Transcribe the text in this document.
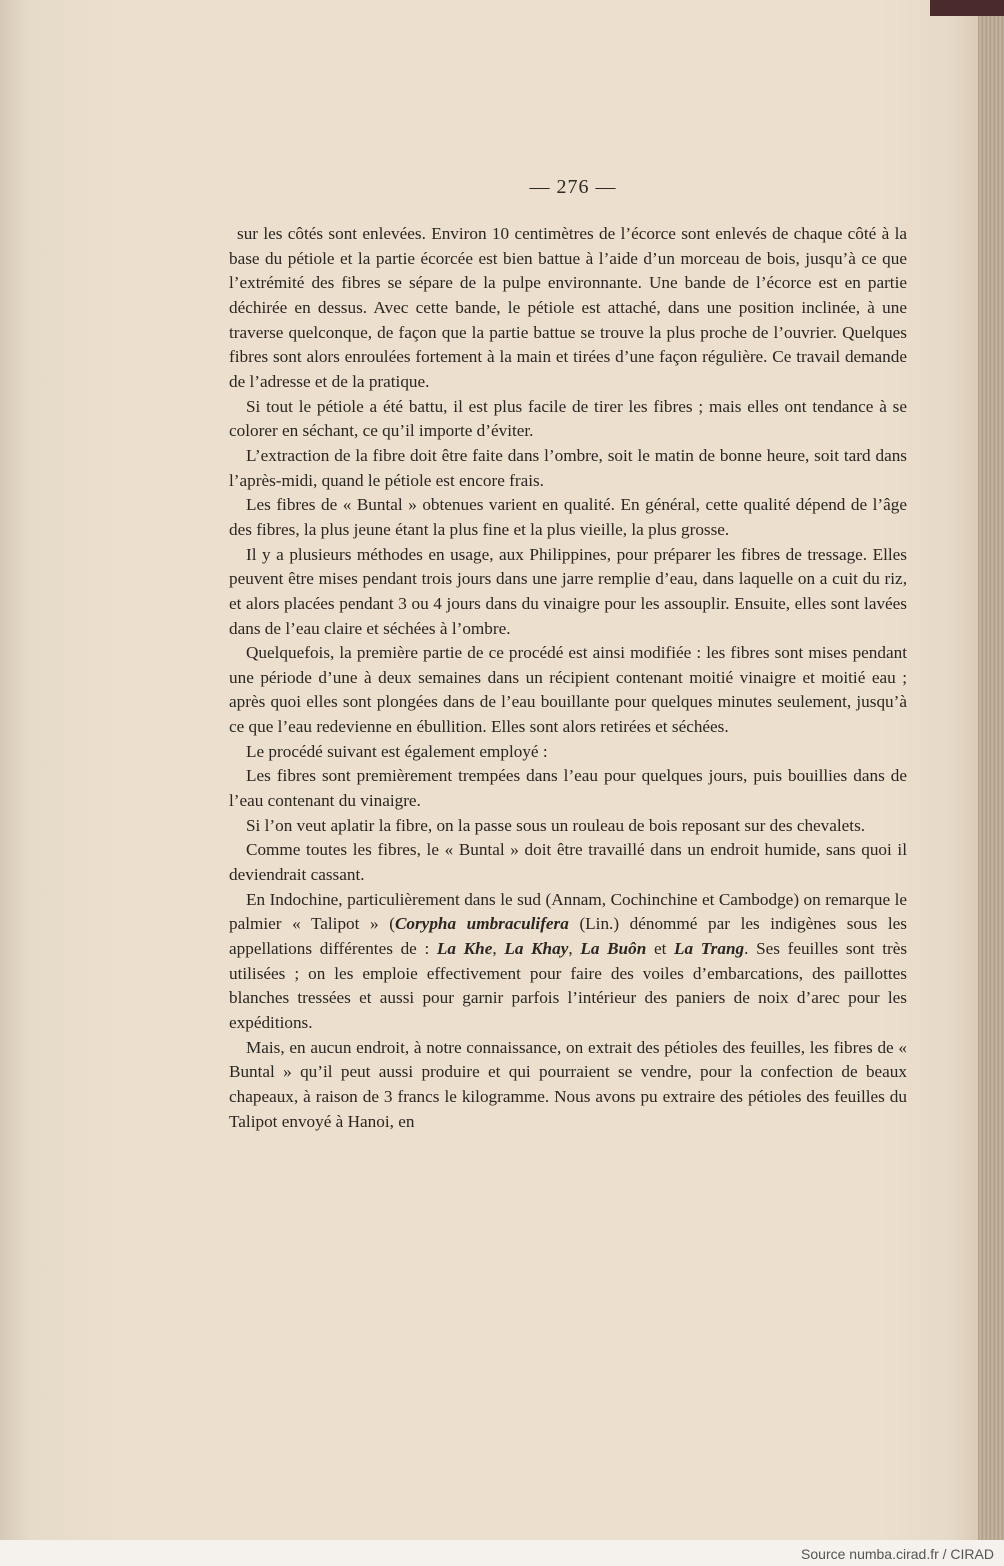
— 276 —

sur les côtés sont enlevées. Environ 10 centimètres de l’écorce sont enlevés de chaque côté à la base du pétiole et la partie écorcée est bien battue à l’aide d’un morceau de bois, jusqu’à ce que l’extrémité des fibres se sépare de la pulpe environnante. Une bande de l’écorce est en partie déchirée en dessus. Avec cette bande, le pétiole est attaché, dans une position inclinée, à une traverse quelconque, de façon que la partie battue se trouve la plus proche de l’ouvrier. Quelques fibres sont alors enroulées fortement à la main et tirées d’une façon régulière. Ce travail demande de l’adresse et de la pratique.

Si tout le pétiole a été battu, il est plus facile de tirer les fibres ; mais elles ont tendance à se colorer en séchant, ce qu’il importe d’éviter.

L’extraction de la fibre doit être faite dans l’ombre, soit le matin de bonne heure, soit tard dans l’après-midi, quand le pétiole est encore frais.

Les fibres de « Buntal » obtenues varient en qualité. En général, cette qualité dépend de l’âge des fibres, la plus jeune étant la plus fine et la plus vieille, la plus grosse.

Il y a plusieurs méthodes en usage, aux Philippines, pour préparer les fibres de tressage. Elles peuvent être mises pendant trois jours dans une jarre remplie d’eau, dans laquelle on a cuit du riz, et alors placées pendant 3 ou 4 jours dans du vinaigre pour les assouplir. Ensuite, elles sont lavées dans de l’eau claire et séchées à l’ombre.

Quelquefois, la première partie de ce procédé est ainsi modifiée : les fibres sont mises pendant une période d’une à deux semaines dans un récipient contenant moitié vinaigre et moitié eau ; après quoi elles sont plongées dans de l’eau bouillante pour quelques minutes seulement, jusqu’à ce que l’eau redevienne en ébullition. Elles sont alors retirées et séchées.

Le procédé suivant est également employé :

Les fibres sont premièrement trempées dans l’eau pour quelques jours, puis bouillies dans de l’eau contenant du vinaigre.

Si l’on veut aplatir la fibre, on la passe sous un rouleau de bois reposant sur des chevalets.

Comme toutes les fibres, le « Buntal » doit être travaillé dans un endroit humide, sans quoi il deviendrait cassant.

En Indochine, particulièrement dans le sud (Annam, Cochinchine et Cambodge) on remarque le palmier « Talipot » (Corypha umbraculifera (Lin.) dénommé par les indigènes sous les appellations différentes de : La Khe, La Khay, La Buôn et La Trang. Ses feuilles sont très utilisées ; on les emploie effectivement pour faire des voiles d’embarcations, des paillottes blanches tressées et aussi pour garnir parfois l’intérieur des paniers de noix d’arec pour les expéditions.

Mais, en aucun endroit, à notre connaissance, on extrait des pétioles des feuilles, les fibres de « Buntal » qu’il peut aussi produire et qui pourraient se vendre, pour la confection de beaux chapeaux, à raison de 3 francs le kilogramme. Nous avons pu extraire des pétioles des feuilles du Talipot envoyé à Hanoi, en

Source numba.cirad.fr / CIRAD
